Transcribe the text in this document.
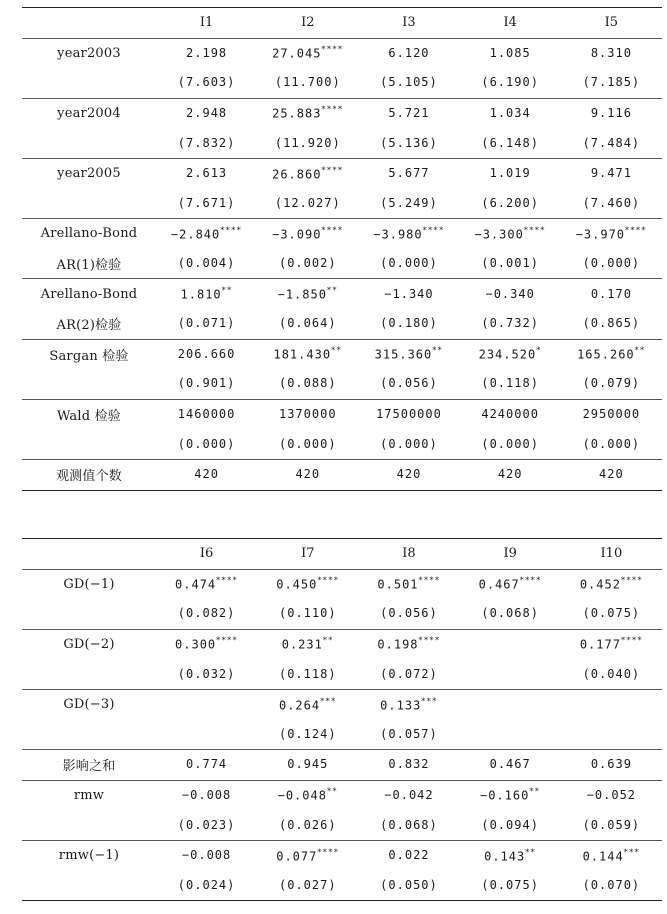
	I1	I2	I3	I4	I5
year2003	2.198	27.045****	6.120	1.085	8.310
	(7.603)	(11.700)	(5.105)	(6.190)	(7.185)
year2004	2.948	25.883****	5.721	1.034	9.116
	(7.832)	(11.920)	(5.136)	(6.148)	(7.484)
year2005	2.613	26.860****	5.677	1.019	9.471
	(7.671)	(12.027)	(5.249)	(6.200)	(7.460)
Arellano-Bond	−2.840****	−3.090****	−3.980****	−3.300****	−3.970****
AR(1)检验	(0.004)	(0.002)	(0.000)	(0.001)	(0.000)
Arellano-Bond	1.810**	−1.850**	−1.340	−0.340	0.170
AR(2)检验	(0.071)	(0.064)	(0.180)	(0.732)	(0.865)
Sargan 检验	206.660	181.430**	315.360**	234.520*	165.260**
	(0.901)	(0.088)	(0.056)	(0.118)	(0.079)
Wald 检验	1460000	1370000	17500000	4240000	2950000
	(0.000)	(0.000)	(0.000)	(0.000)	(0.000)
观测值个数	420	420	420	420	420
	I6	I7	I8	I9	I10
GD(−1)	0.474****	0.450****	0.501****	0.467****	0.452****
	(0.082)	(0.110)	(0.056)	(0.068)	(0.075)
GD(−2)	0.300****	0.231**	0.198****		0.177****
	(0.032)	(0.118)	(0.072)		(0.040)
GD(−3)		0.264***	0.133***		
		(0.124)	(0.057)		
影响之和	0.774	0.945	0.832	0.467	0.639
rmw	−0.008	−0.048**	−0.042	−0.160**	−0.052
	(0.023)	(0.026)	(0.068)	(0.094)	(0.059)
rmw(−1)	−0.008	0.077****	0.022	0.143**	0.144***
	(0.024)	(0.027)	(0.050)	(0.075)	(0.070)
